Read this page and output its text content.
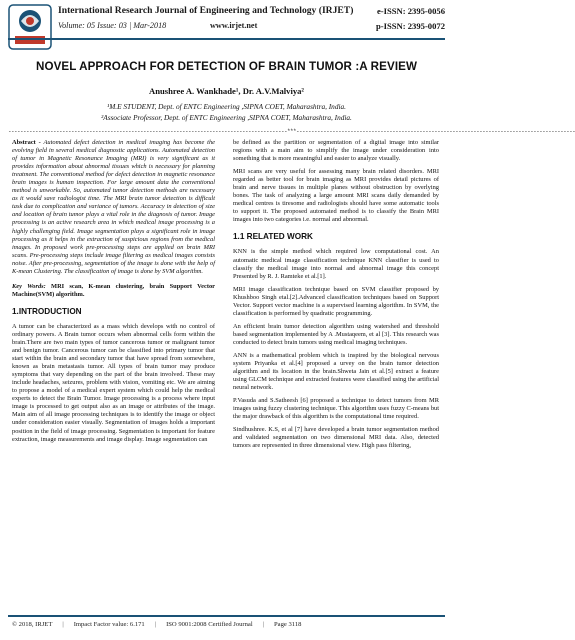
International Research Journal of Engineering and Technology (IRJET)	e-ISSN: 2395-0056
Volume: 05 Issue: 03 | Mar-2018	www.irjet.net	p-ISSN: 2395-0072
NOVEL APPROACH FOR DETECTION OF BRAIN TUMOR :A REVIEW
Anushree A. Wankhade¹, Dr. A.V.Malviya²
¹M.E STUDENT, Dept. of ENTC Engineering ,SIPNA COET, Maharashtra, India.
²Associate Professor, Dept. of ENTC Engineering ,SIPNA COET, Maharashtra, India.
---------------------------------------------------------------------------------------------***---------------------------------------------------------------------------------------------

Abstract - Automated defect detection in medical imaging has become the evolving field in several medical diagnostic applications. Automated detection of tumor in Magnetic Resonance Imaging (MRI) is very significant as it provides information about abnormal tissues which is necessary for planning treatment. The conventional method for defect detection in magnetic resonance brain images is human inspection. For large amount data the conventional method is unworkable. So, automated tumor detection methods are necessary as it would save radiologist time. The MRI brain tumor detection is difficult task due to complication and variance of tumors. Accuracy in detection of size and location of brain tumor plays a vital role in the diagnosis of tumor. Image processing is an active research area in which medical image processing is a highly challenging field. Image segmentation plays a significant role in image processing as it helps in the extraction of suspicious regions from the medical images. In proposed work pre-processing steps are applied on brain MRI scans. Pre-processing steps include image filtering as medical images consists noise. After pre-processing, segmentation of the image is done with the help of K-mean Clustering. The classification of image is done by SVM algorithm.

Key Words: MRI scan, K-mean clustering, brain Support Vector Machine(SVM) algorithm.

1.INTRODUCTION

A tumor can be characterized as a mass which develops with no control of ordinary powers. A Brain tumor occurs when abnormal cells form within the brain.There are two main types of tumor cancerous tumor or malignant tumor and benign tumor. Cancerous tumor can be classified into primary tumor that start within the brain and secondary tumor that have spread from somewhere, known as brain metastasis tumor. All types of brain tumor may produce symptoms that vary depending on the part of the brain involved. These may include headaches, seizures, problem with vision, vomiting etc. We are aiming to propose a model of a medical expert system which could help the medical experts to detect the Brain Tumor. Image processing is a process where input image is processed to get output also as an image or attributes of the image. Main aim of all image processing techniques is to identify the image or object under consideration easier visually. Segmentation of images holds a important position in the field of image processing. Segmentation is important for feature extraction, image measurements and image display. Image segmentation can

be defined as the partition or segmentation of a digital image into similar regions with a main aim to simplify the image under consideration into something that is more meaningful and easier to analyze visually.

MRI scans are very useful for assessing many brain related disorders. MRI regarded as better tool for brain imaging as MRI provides detail pictures of brain and nerve tissues in multiple planes without obstruction by overlying bones. The task of analyzing a large amount MRI scans daily demanded by medical centres is tiresome and radiologists should have some automatic tools to support it. The proposed automated method is to classify the Brain MRI images into two categories i.e. normal and abnormal.

1.1 RELATED WORK

KNN is the simple method which required low computational cost. An automatic medical image classification technique KNN classifier is used to classify the medical image into normal and abnormal image this concept Presented by R. J. Ramteke et al.[1].

MRI image classification technique based on SVM classifier proposed by Khushboo Singh etal.[2].Advanced classification techniques based on Support Vector. Support vector machine is a supervised learning algorithm. In SVM, the classification is performed by quadratic programming.

An efficient brain tumor detection algorithm using watershed and threshold based segmentation implemented by A .Mustaqeem, et al [3]. This research was conducted to detect brain tumors using medical imaging techniques.

ANN is a mathematical problem which is inspired by the biological nervous system Priyanka et al.[4] proposed a urvey on the brain tumor detection algorithm and its location in the brain.Shweta Jain et al.[5] extract a feature using GLCM technique and extracted features were classified using the artificial neural network.

P.Vasuda and S.Satheesh [6] proposed a technique to detect tumors from MR images using fuzzy clustering technique. This algorithm uses fuzzy C-means but the major drawback of this algorithm is the computational time required.

Sindhushree. K.S, et al [7] have developed a brain tumor segmentation method and validated segmentation on two dimensional MRI data. Also, detected tumors are represented in three dimensional view. High pass filtering,

© 2018, IRJET | Impact Factor value: 6.171 | ISO 9001:2008 Certified Journal | Page 3118
